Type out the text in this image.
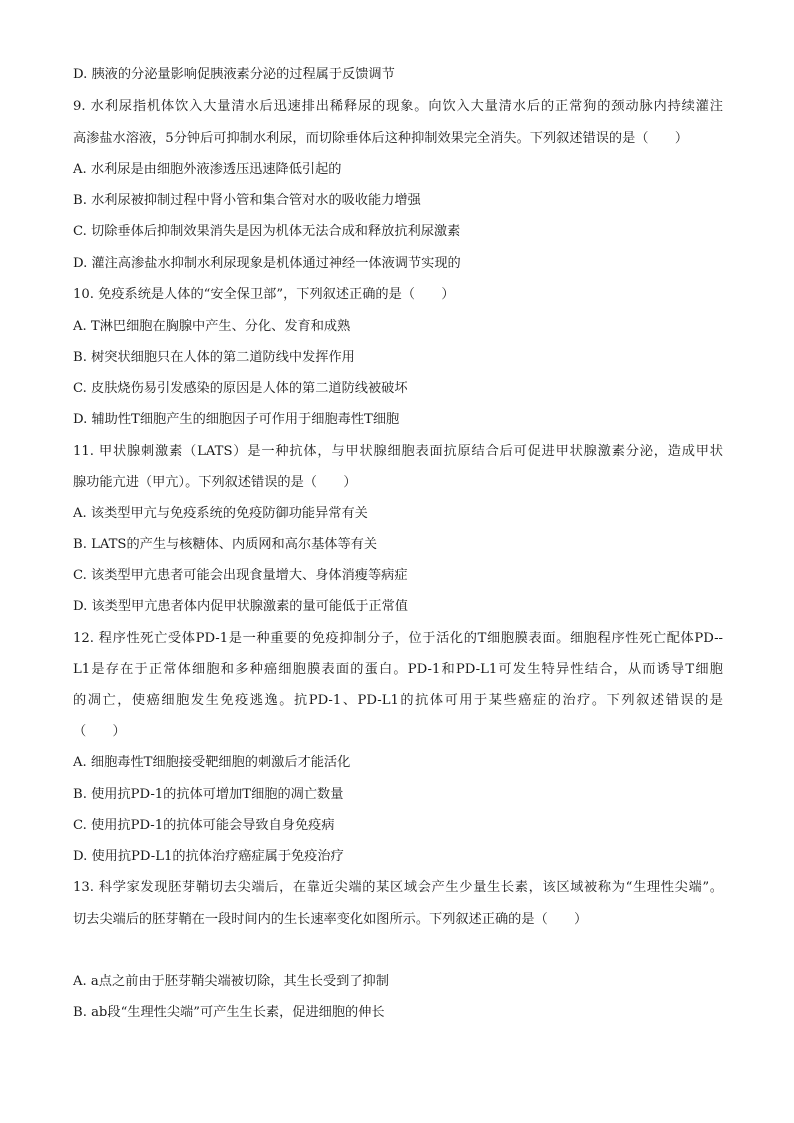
D. 胰液的分泌量影响促胰液素分泌的过程属于反馈调节
9. 水利尿指机体饮入大量清水后迅速排出稀释尿的现象。向饮入大量清水后的正常狗的颈动脉内持续灌注
高渗盐水溶液，5分钟后可抑制水利尿，而切除垂体后这种抑制效果完全消失。下列叙述错误的是（　　）
A. 水利尿是由细胞外液渗透压迅速降低引起的
B. 水利尿被抑制过程中肾小管和集合管对水的吸收能力增强
C. 切除垂体后抑制效果消失是因为机体无法合成和释放抗利尿激素
D. 灌注高渗盐水抑制水利尿现象是机体通过神经一体液调节实现的
10. 免疫系统是人体的“安全保卫部”，下列叙述正确的是（　　）
A. T淋巴细胞在胸腺中产生、分化、发育和成熟
B. 树突状细胞只在人体的第二道防线中发挥作用
C. 皮肤烧伤易引发感染的原因是人体的第二道防线被破坏
D. 辅助性T细胞产生的细胞因子可作用于细胞毒性T细胞
11. 甲状腺刺激素（LATS）是一种抗体，与甲状腺细胞表面抗原结合后可促进甲状腺激素分泌，造成甲状
腺功能亢进（甲亢）。下列叙述错误的是（　　）
A. 该类型甲亢与免疫系统的免疫防御功能异常有关
B. LATS的产生与核糖体、内质网和高尔基体等有关
C. 该类型甲亢患者可能会出现食量增大、身体消瘦等病症
D. 该类型甲亢患者体内促甲状腺激素的量可能低于正常值
12. 程序性死亡受体PD-1是一种重要的免疫抑制分子，位于活化的T细胞膜表面。细胞程序性死亡配体PD--
L1是存在于正常体细胞和多种癌细胞膜表面的蛋白。PD-1和PD-L1可发生特异性结合，从而诱导T细胞
的凋亡，使癌细胞发生免疫逃逸。抗PD-1、PD-L1的抗体可用于某些癌症的治疗。下列叙述错误的是
（　　）
A. 细胞毒性T细胞接受靶细胞的刺激后才能活化
B. 使用抗PD-1的抗体可增加T细胞的凋亡数量
C. 使用抗PD-1的抗体可能会导致自身免疫病
D. 使用抗PD-L1的抗体治疗癌症属于免疫治疗
13. 科学家发现胚芽鞘切去尖端后，在靠近尖端的某区域会产生少量生长素，该区域被称为“生理性尖端”。
切去尖端后的胚芽鞘在一段时间内的生长速率变化如图所示。下列叙述正确的是（　　）
A. a点之前由于胚芽鞘尖端被切除，其生长受到了抑制
B. ab段“生理性尖端”可产生生长素，促进细胞的伸长
